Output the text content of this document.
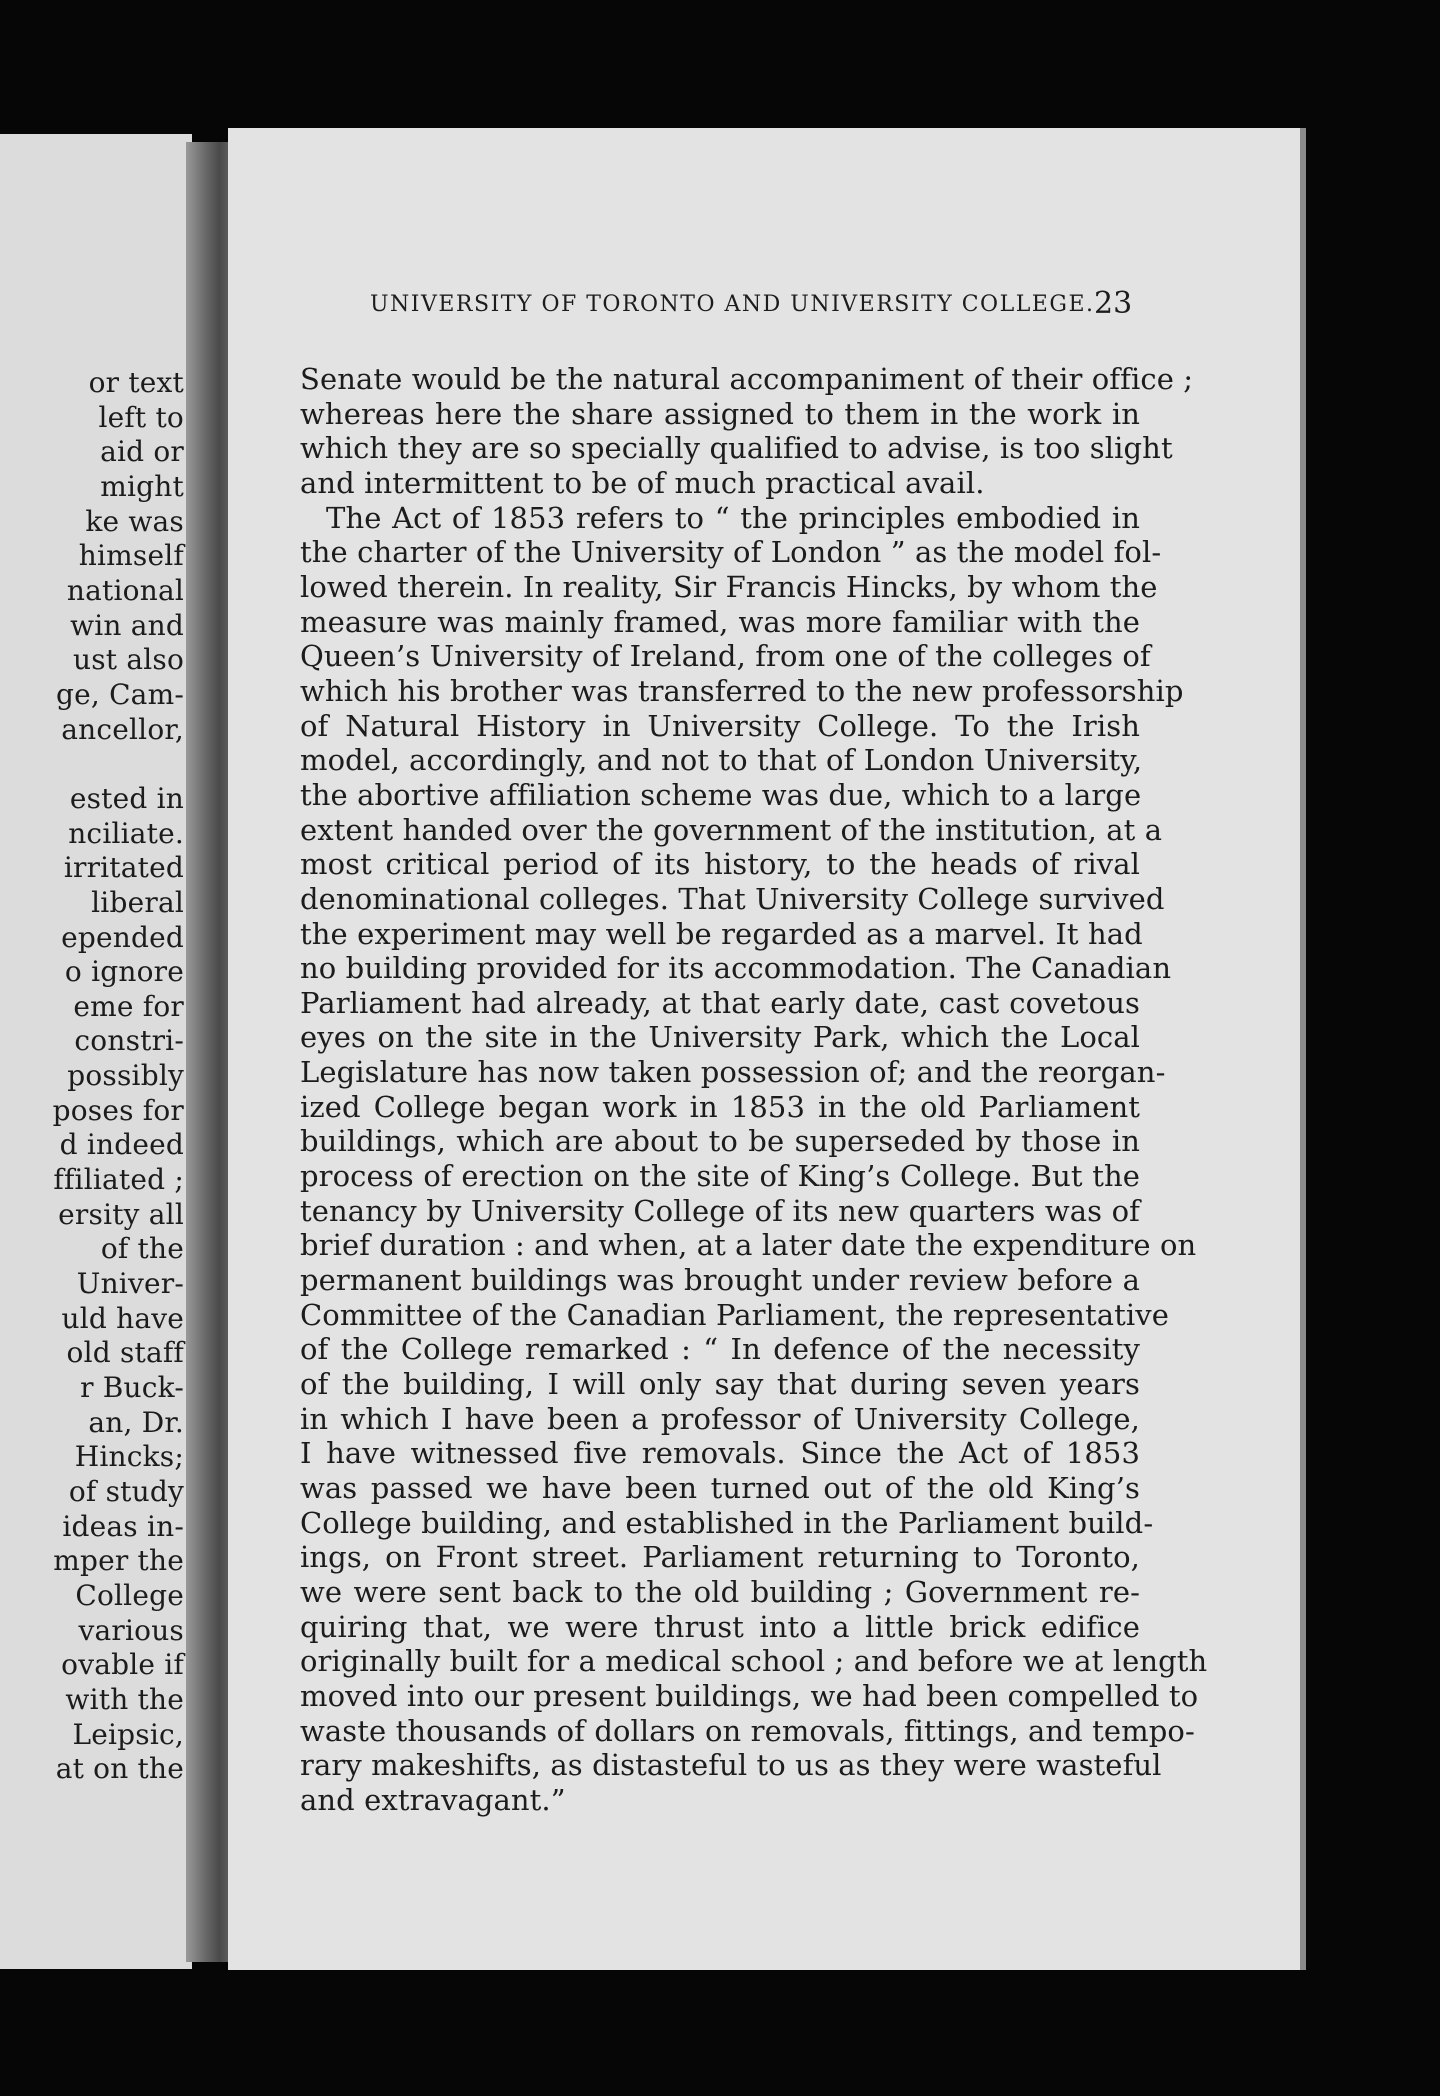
or text
left to
aid or
might
ke was
himself
national
win and
ust also
ge, Cam-
ancellor,

ested in
nciliate.
irritated
liberal
epended
o ignore
eme for
constri-
possibly
poses for
d indeed
ffiliated ;
ersity all
of the
Univer-
uld have
old staff
r Buck-
an, Dr.
Hincks;
of study
ideas in-
mper the
College
various
ovable if
with the
Leipsic,
at on the
UNIVERSITY OF TORONTO AND UNIVERSITY COLLEGE. 23
Senate would be the natural accompaniment of their office ;
whereas here the share assigned to them in the work in
which they are so specially qualified to advise, is too slight
and intermittent to be of much practical avail.
The Act of 1853 refers to “ the principles embodied in
the charter of the University of London ” as the model fol-
lowed therein. In reality, Sir Francis Hincks, by whom the
measure was mainly framed, was more familiar with the
Queen’s University of Ireland, from one of the colleges of
which his brother was transferred to the new professorship
of Natural History in University College. To the Irish
model, accordingly, and not to that of London University,
the abortive affiliation scheme was due, which to a large
extent handed over the government of the institution, at a
most critical period of its history, to the heads of rival
denominational colleges. That University College survived
the experiment may well be regarded as a marvel. It had
no building provided for its accommodation. The Canadian
Parliament had already, at that early date, cast covetous
eyes on the site in the University Park, which the Local
Legislature has now taken possession of; and the reorgan-
ized College began work in 1853 in the old Parliament
buildings, which are about to be superseded by those in
process of erection on the site of King’s College. But the
tenancy by University College of its new quarters was of
brief duration : and when, at a later date the expenditure on
permanent buildings was brought under review before a
Committee of the Canadian Parliament, the representative
of the College remarked : “ In defence of the necessity
of the building, I will only say that during seven years
in which I have been a professor of University College,
I have witnessed five removals. Since the Act of 1853
was passed we have been turned out of the old King’s
College building, and established in the Parliament build-
ings, on Front street. Parliament returning to Toronto,
we were sent back to the old building ; Government re-
quiring that, we were thrust into a little brick edifice
originally built for a medical school ; and before we at length
moved into our present buildings, we had been compelled to
waste thousands of dollars on removals, fittings, and tempo-
rary makeshifts, as distasteful to us as they were wasteful
and extravagant.”
